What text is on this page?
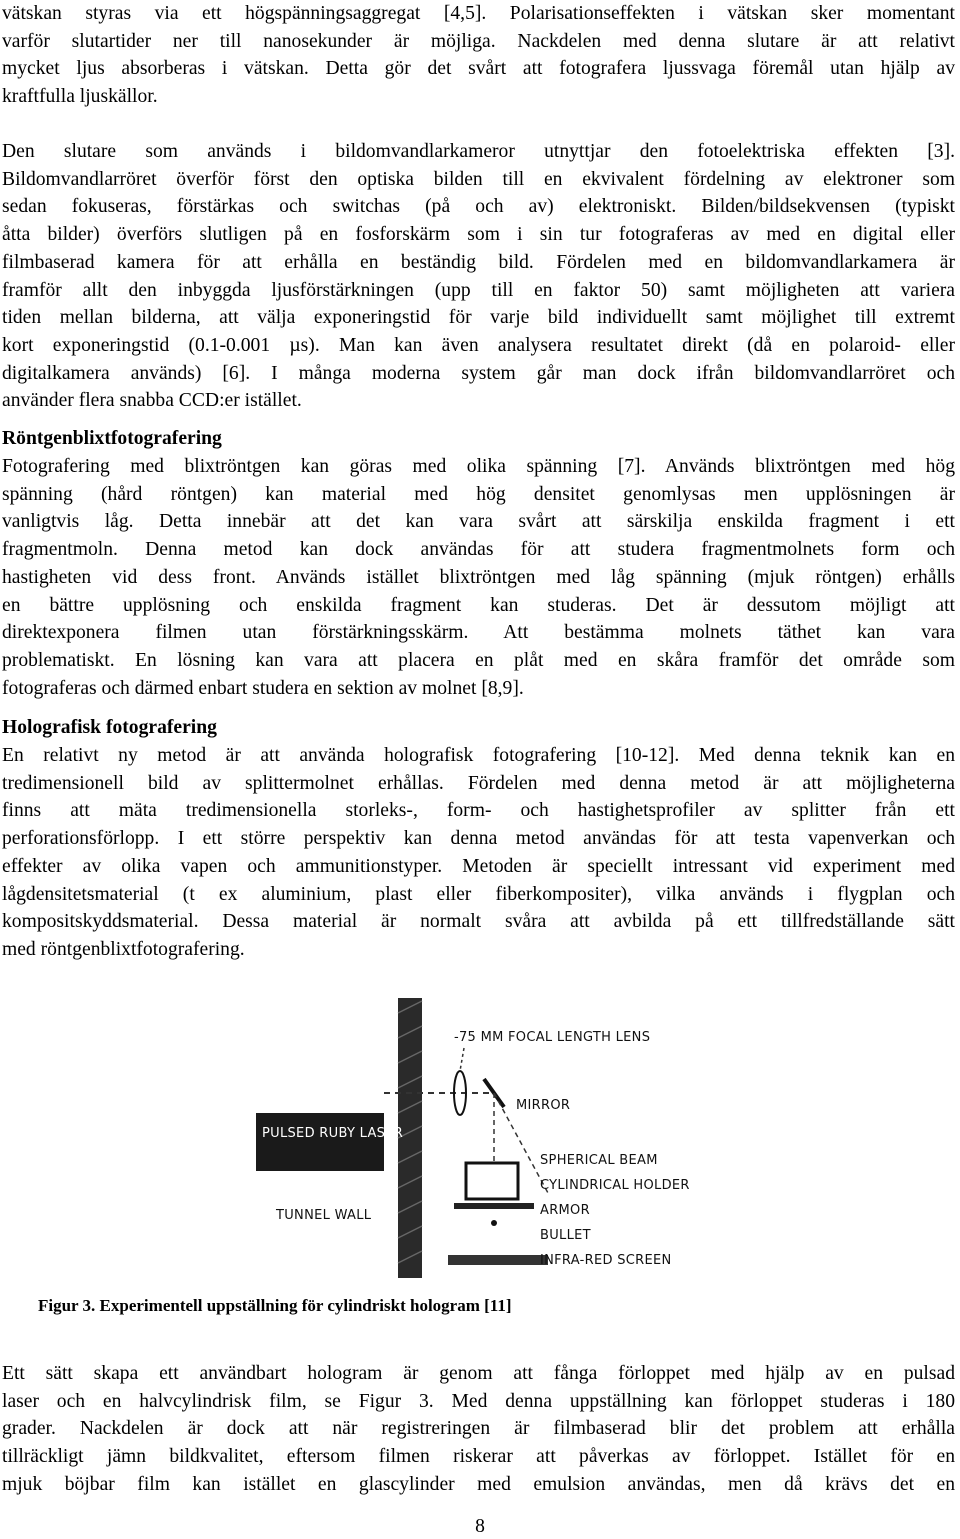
vätskan styras via ett högspänningsaggregat [4,5]. Polarisationseffekten i vätskan sker momentant
varför slutartider ner till nanosekunder är möjliga. Nackdelen med denna slutare är att relativt
mycket ljus absorberas i vätskan. Detta gör det svårt att fotografera ljussvaga föremål utan hjälp av
kraftfulla ljuskällor.
Den slutare som används i bildomvandlarkameror utnyttjar den fotoelektriska effekten [3].
Bildomvandlarröret överför först den optiska bilden till en ekvivalent fördelning av elektroner som
sedan fokuseras, förstärkas och switchas (på och av) elektroniskt. Bilden/bildsekvensen (typiskt
åtta bilder) överförs slutligen på en fosforskärm som i sin tur fotograferas av med en digital eller
filmbaserad kamera för att erhålla en beständig bild. Fördelen med en bildomvandlarkamera är
framför allt den inbyggda ljusförstärkningen (upp till en faktor 50) samt möjligheten att variera
tiden mellan bilderna, att välja exponeringstid för varje bild individuellt samt möjlighet till extremt
kort exponeringstid (0.1-0.001 µs). Man kan även analysera resultatet direkt (då en polaroid- eller
digitalkamera används) [6]. I många moderna system går man dock ifrån bildomvandlarröret och
använder flera snabba CCD:er istället.
Röntgenblixtfotografering
Fotografering med blixtröntgen kan göras med olika spänning [7]. Används blixtröntgen med hög
spänning (hård röntgen) kan material med hög densitet genomlysas men upplösningen är
vanligtvis låg. Detta innebär att det kan vara svårt att särskilja enskilda fragment i ett
fragmentmoln. Denna metod kan dock användas för att studera fragmentmolnets form och
hastigheten vid dess front. Används istället blixtröntgen med låg spänning (mjuk röntgen) erhålls
en bättre upplösning och enskilda fragment kan studeras. Det är dessutom möjligt att
direktexponera filmen utan förstärkningsskärm. Att bestämma molnets täthet kan vara
problematiskt. En lösning kan vara att placera en plåt med en skåra framför det område som
fotograferas och därmed enbart studera en sektion av molnet [8,9].
Holografisk fotografering
En relativt ny metod är att använda holografisk fotografering [10-12]. Med denna teknik kan en
tredimensionell bild av splittermolnet erhållas. Fördelen med denna metod är att möjligheterna
finns att mäta tredimensionella storleks-, form- och hastighetsprofiler av splitter från ett
perforationsförlopp. I ett större perspektiv kan denna metod användas för att testa vapenverkan och
effekter av olika vapen och ammunitionstyper. Metoden är speciellt intressant vid experiment med
lågdensitetsmaterial (t ex aluminium, plast eller fiberkompositer), vilka används i flygplan och
kompositskyddsmaterial. Dessa material är normalt svåra att avbilda på ett tillfredställande sätt
med röntgenblixtfotografering.
PULSED RUBY LASER
-75 MM FOCAL LENGTH LENS
MIRROR
SPHERICAL BEAM
CYLINDRICAL HOLDER
ARMOR
BULLET
INFRA-RED SCREEN
TUNNEL WALL
Figur 3. Experimentell uppställning för cylindriskt hologram [11]
Ett sätt skapa ett användbart hologram är genom att fånga förloppet med hjälp av en pulsad
laser och en halvcylindrisk film, se Figur 3. Med denna uppställning kan förloppet studeras i 180
grader. Nackdelen är dock att när registreringen är filmbaserad blir det problem att erhålla
tillräckligt jämn bildkvalitet, eftersom filmen riskerar att påverkas av förloppet. Istället för en
mjuk böjbar film kan istället en glascylinder med emulsion användas, men då krävs det en
8
